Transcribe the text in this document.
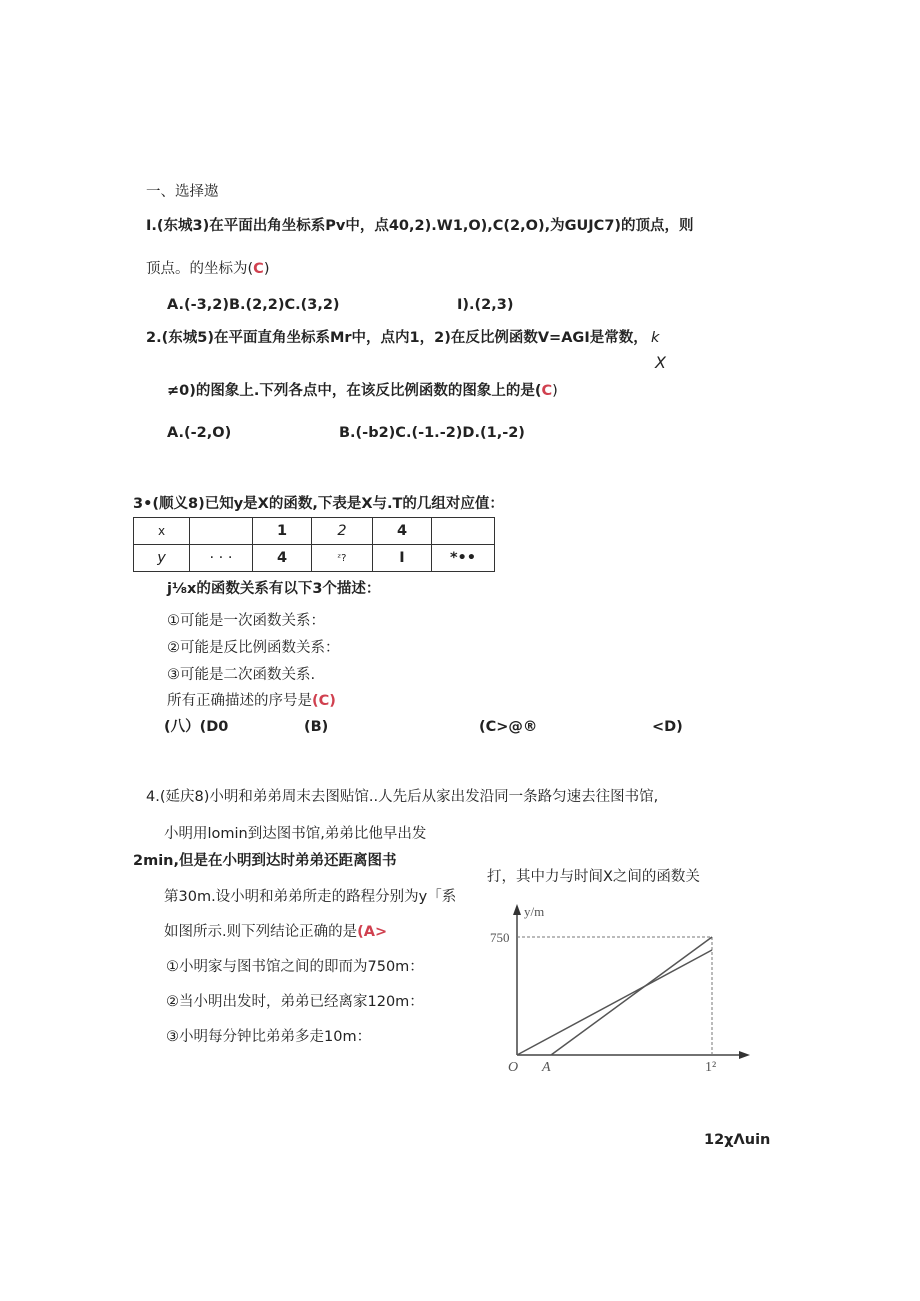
一、选择遨
I.(东城3)在平面出角坐标系Pv中，点40,2).W1,O),C(2,O),为GUJC7)的顶点，则
顶点。的坐标为(C)
A.(-3,2)B.(2,2)C.(3,2)	I).(2,3)
2.(东城5)在平面直角坐标系Mr中，点内1，2)在反比例函数V=AGI是常数， k
X
≠0)的图象上.下列各点中，在该反比例函数的图象上的是(C)
A.(-2,O)	B.(-b2)C.(-1.-2)D.(1,-2)
3•(顺义8)已知y是X的函数,下表是X与.T的几组对应值：
x		1	2	4	
y	· · ·	4	ᶻ?	I	*••
j⅛x的函数关系有以下3个描述：
①可能是一次函数关系：
②可能是反比例函数关系：
③可能是二次函数关系.
所有正确描述的序号是(C)
(八）(D0	(B)	(C>@®	<D)
4.(延庆8)小明和弟弟周末去图贴馆..人先后从家出发沿同一条路匀速去往图书馆,
小明用lomin到达图书馆,弟弟比他早出发
2min,但是在小明到达时弟弟还距离图书
打，其中力与时间X之间的函数关
第30m.设小明和弟弟所走的路程分别为y「系
如图所示.则下列结论正确的是(A>
①小明家与图书馆之间的即而为750m：
②当小明出发时，弟弟已经离家120m：
③小明每分钟比弟弟多走10m：
12χΛuin
y/m
750
O A	1²
